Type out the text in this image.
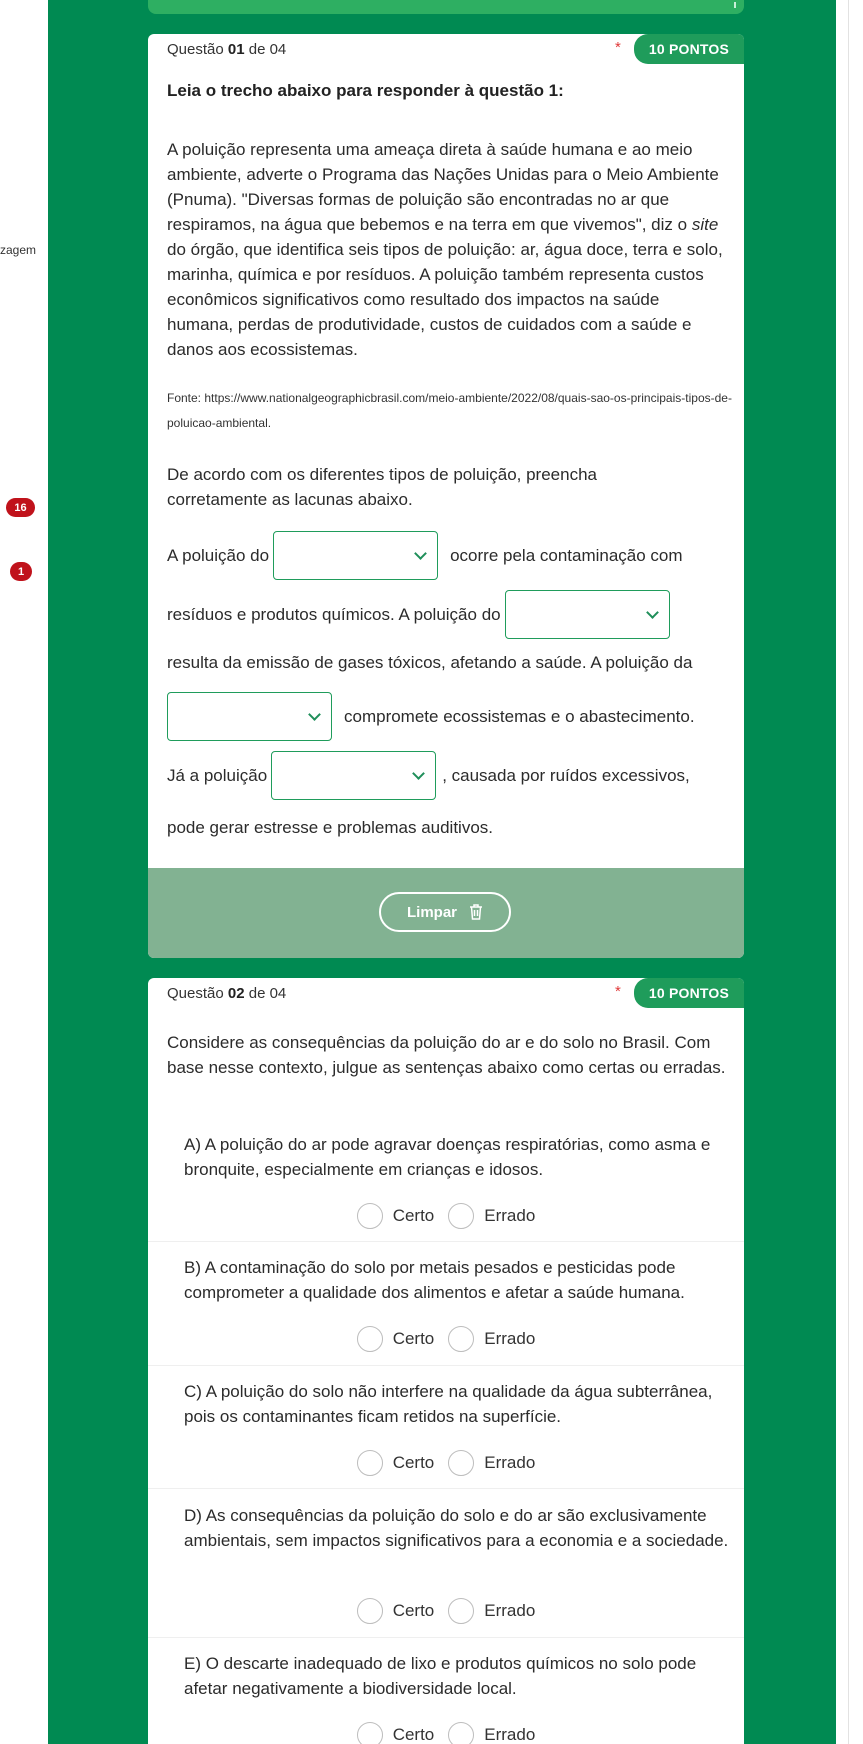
zagem
16
1
Questão 01 de 04	*	10 PONTOS
Leia o trecho abaixo para responder à questão 1:
A poluição representa uma ameaça direta à saúde humana e ao meio ambiente, adverte o Programa das Nações Unidas para o Meio Ambiente (Pnuma). "Diversas formas de poluição são encontradas no ar que respiramos, na água que bebemos e na terra em que vivemos", diz o site do órgão, que identifica seis tipos de poluição: ar, água doce, terra e solo, marinha, química e por resíduos. A poluição também representa custos econômicos significativos como resultado dos impactos na saúde humana, perdas de produtividade, custos de cuidados com a saúde e danos aos ecossistemas.
Fonte: https://www.nationalgeographicbrasil.com/meio-ambiente/2022/08/quais-sao-os-principais-tipos-de-poluicao-ambiental.
De acordo com os diferentes tipos de poluição, preencha corretamente as lacunas abaixo.
A poluição do	ocorre pela contaminação com
resíduos e produtos químicos. A poluição do
resulta da emissão de gases tóxicos, afetando a saúde. A poluição da
compromete ecossistemas e o abastecimento.
Já a poluição	, causada por ruídos excessivos,
pode gerar estresse e problemas auditivos.
Limpar
Questão 02 de 04	*	10 PONTOS
Considere as consequências da poluição do ar e do solo no Brasil. Com base nesse contexto, julgue as sentenças abaixo como certas ou erradas.
A) A poluição do ar pode agravar doenças respiratórias, como asma e bronquite, especialmente em crianças e idosos.
Certo	Errado
B) A contaminação do solo por metais pesados e pesticidas pode comprometer a qualidade dos alimentos e afetar a saúde humana.
Certo	Errado
C) A poluição do solo não interfere na qualidade da água subterrânea, pois os contaminantes ficam retidos na superfície.
Certo	Errado
D) As consequências da poluição do solo e do ar são exclusivamente ambientais, sem impactos significativos para a economia e a sociedade.
Certo	Errado
E) O descarte inadequado de lixo e produtos químicos no solo pode afetar negativamente a biodiversidade local.
Certo	Errado
